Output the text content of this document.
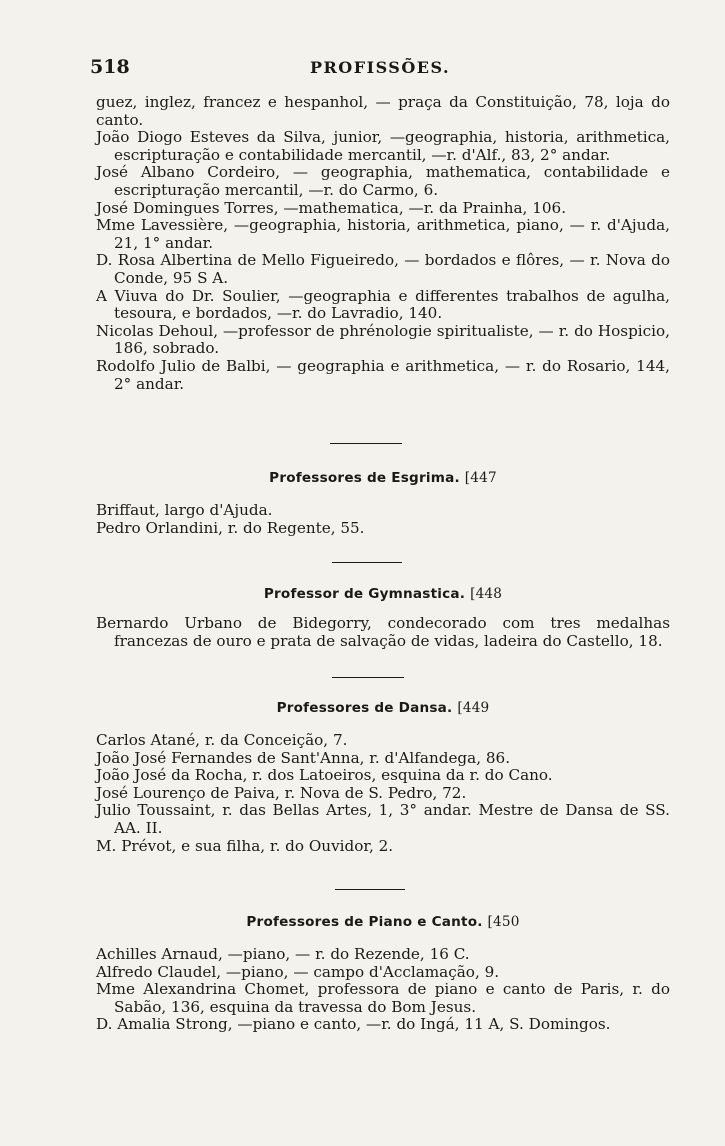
518	PROFISSÕES.
guez, inglez, francez e hespanhol, — praça da Constituição, 78, loja do canto.
João Diogo Esteves da Silva, junior, —geographia, historia, arithmetica, escripturação e contabilidade mercantil, —r. d'Alf., 83, 2° andar.
José Albano Cordeiro, — geographia, mathematica, contabilidade e escripturação mercantil, —r. do Carmo, 6.
José Domingues Torres, —mathematica, —r. da Prainha, 106.
Mme Lavessière, —geographia, historia, arithmetica, piano, — r. d'Ajuda, 21, 1° andar.
D. Rosa Albertina de Mello Figueiredo, — bordados e flôres, — r. Nova do Conde, 95 S A.
A Viuva do Dr. Soulier, —geographia e differentes trabalhos de agulha, tesoura, e bordados, —r. do Lavradio, 140.
Nicolas Dehoul, —professor de phrénologie spiritualiste, — r. do Hospicio, 186, sobrado.
Rodolfo Julio de Balbi, — geographia e arithmetica, — r. do Rosario, 144, 2° andar.
Professores de Esgrima. [447
Briffaut, largo d'Ajuda.
Pedro Orlandini, r. do Regente, 55.
Professor de Gymnastica. [448
Bernardo Urbano de Bidegorry, condecorado com tres medalhas francezas de ouro e prata de salvação de vidas, ladeira do Castello, 18.
Professores de Dansa. [449
Carlos Atané, r. da Conceição, 7.
João José Fernandes de Sant'Anna, r. d'Alfandega, 86.
João José da Rocha, r. dos Latoeiros, esquina da r. do Cano.
José Lourenço de Paiva, r. Nova de S. Pedro, 72.
Julio Toussaint, r. das Bellas Artes, 1, 3° andar. Mestre de Dansa de SS. AA. II.
M. Prévot, e sua filha, r. do Ouvidor, 2.
Professores de Piano e Canto. [450
Achilles Arnaud, —piano, — r. do Rezende, 16 C.
Alfredo Claudel, —piano, — campo d'Acclamação, 9.
Mme Alexandrina Chomet, professora de piano e canto de Paris, r. do Sabão, 136, esquina da travessa do Bom Jesus.
D. Amalia Strong, —piano e canto, —r. do Ingá, 11 A, S. Domingos.
